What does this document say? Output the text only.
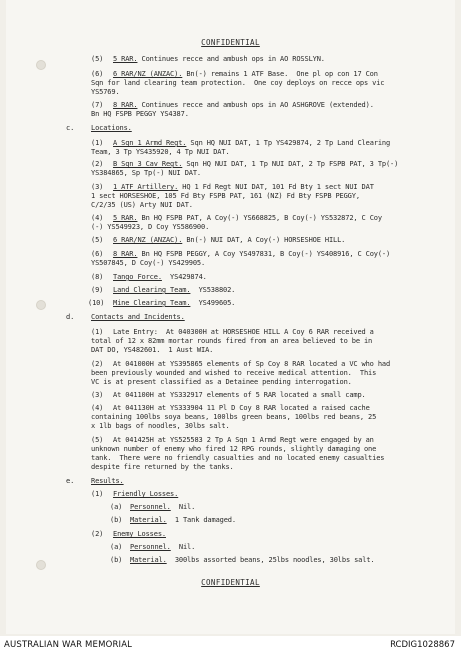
CONFIDENTIAL
(5) 5 RAR. Continues recce and ambush ops in AO ROSSLYN.
(6) 6 RAR/NZ (ANZAC). Bn(-) remains 1 ATF Base.  One pl op con 17 Con
Sqn for land clearing team protection.  One coy deploys on recce ops vic
YS5769.
(7) 8 RAR. Continues recce and ambush ops in AO ASHGROVE (extended).
Bn HQ FSPB PEGGY YS4387.
c. Locations.
(1) A Sqn 1 Armd Regt. Sqn HQ NUI DAT, 1 Tp YS429874, 2 Tp Land Clearing
Team, 3 Tp YS435920, 4 Tp NUI DAT.
(2) B Sqn 3 Cav Regt. Sqn HQ NUI DAT, 1 Tp NUI DAT, 2 Tp FSPB PAT, 3 Tp(-)
YS384865, Sp Tp(-) NUI DAT.
(3) 1 ATF Artillery. HQ 1 Fd Regt NUI DAT, 101 Fd Bty 1 sect NUI DAT
1 sect HORSESHOE, 105 Fd Bty FSPB PAT, 161 (NZ) Fd Bty FSPB PEGGY,
C/2/35 (US) Arty NUI DAT.
(4) 5 RAR. Bn HQ FSPB PAT, A Coy(-) YS668825, B Coy(-) YS532872, C Coy
(-) YS549923, D Coy YS586900.
(5) 6 RAR/NZ (ANZAC). Bn(-) NUI DAT, A Coy(-) HORSESHOE HILL.
(6) 8 RAR. Bn HQ FSPB PEGGY, A Coy YS497831, B Coy(-) YS408916, C Coy(-)
YS507845, D Coy(-) YS429905.
(8) Tango Force.  YS429874.
(9) Land Clearing Team.  YS538802.
(10) Mine Clearing Team.  YS499605.
d. Contacts and Incidents.
(1) Late Entry:  At 040300H at HORSESHOE HILL A Coy 6 RAR received a
total of 12 x 82mm mortar rounds fired from an area believed to be in
DAT DO, YS482601.  1 Aust WIA.
(2) At 041000H at YS395865 elements of Sp Coy 8 RAR located a VC who had
been previously wounded and wished to receive medical attention.  This
VC is at present classified as a Detainee pending interrogation.
(3) At 041100H at YS332917 elements of 5 RAR located a small camp.
(4) At 041130H at YS333904 11 Pl D Coy 8 RAR located a raised cache
containing 100lbs soya beans, 100lbs green beans, 100lbs red beans, 25
x 1lb bags of noodles, 30lbs salt.
(5) At 041425H at YS525583 2 Tp A Sqn 1 Armd Regt were engaged by an
unknown number of enemy who fired 12 RPG rounds, slightly damaging one
tank.  There were no friendly casualties and no located enemy casualties
despite fire returned by the tanks.
e. Results.
(1) Friendly Losses.
(a) Personnel.  Nil.
(b) Material.  1 Tank damaged.
(2) Enemy Losses.
(a) Personnel.  Nil.
(b) Material.  300lbs assorted beans, 25lbs noodles, 30lbs salt.
CONFIDENTIAL
AUSTRALIAN WAR MEMORIAL	RCDIG1028867
